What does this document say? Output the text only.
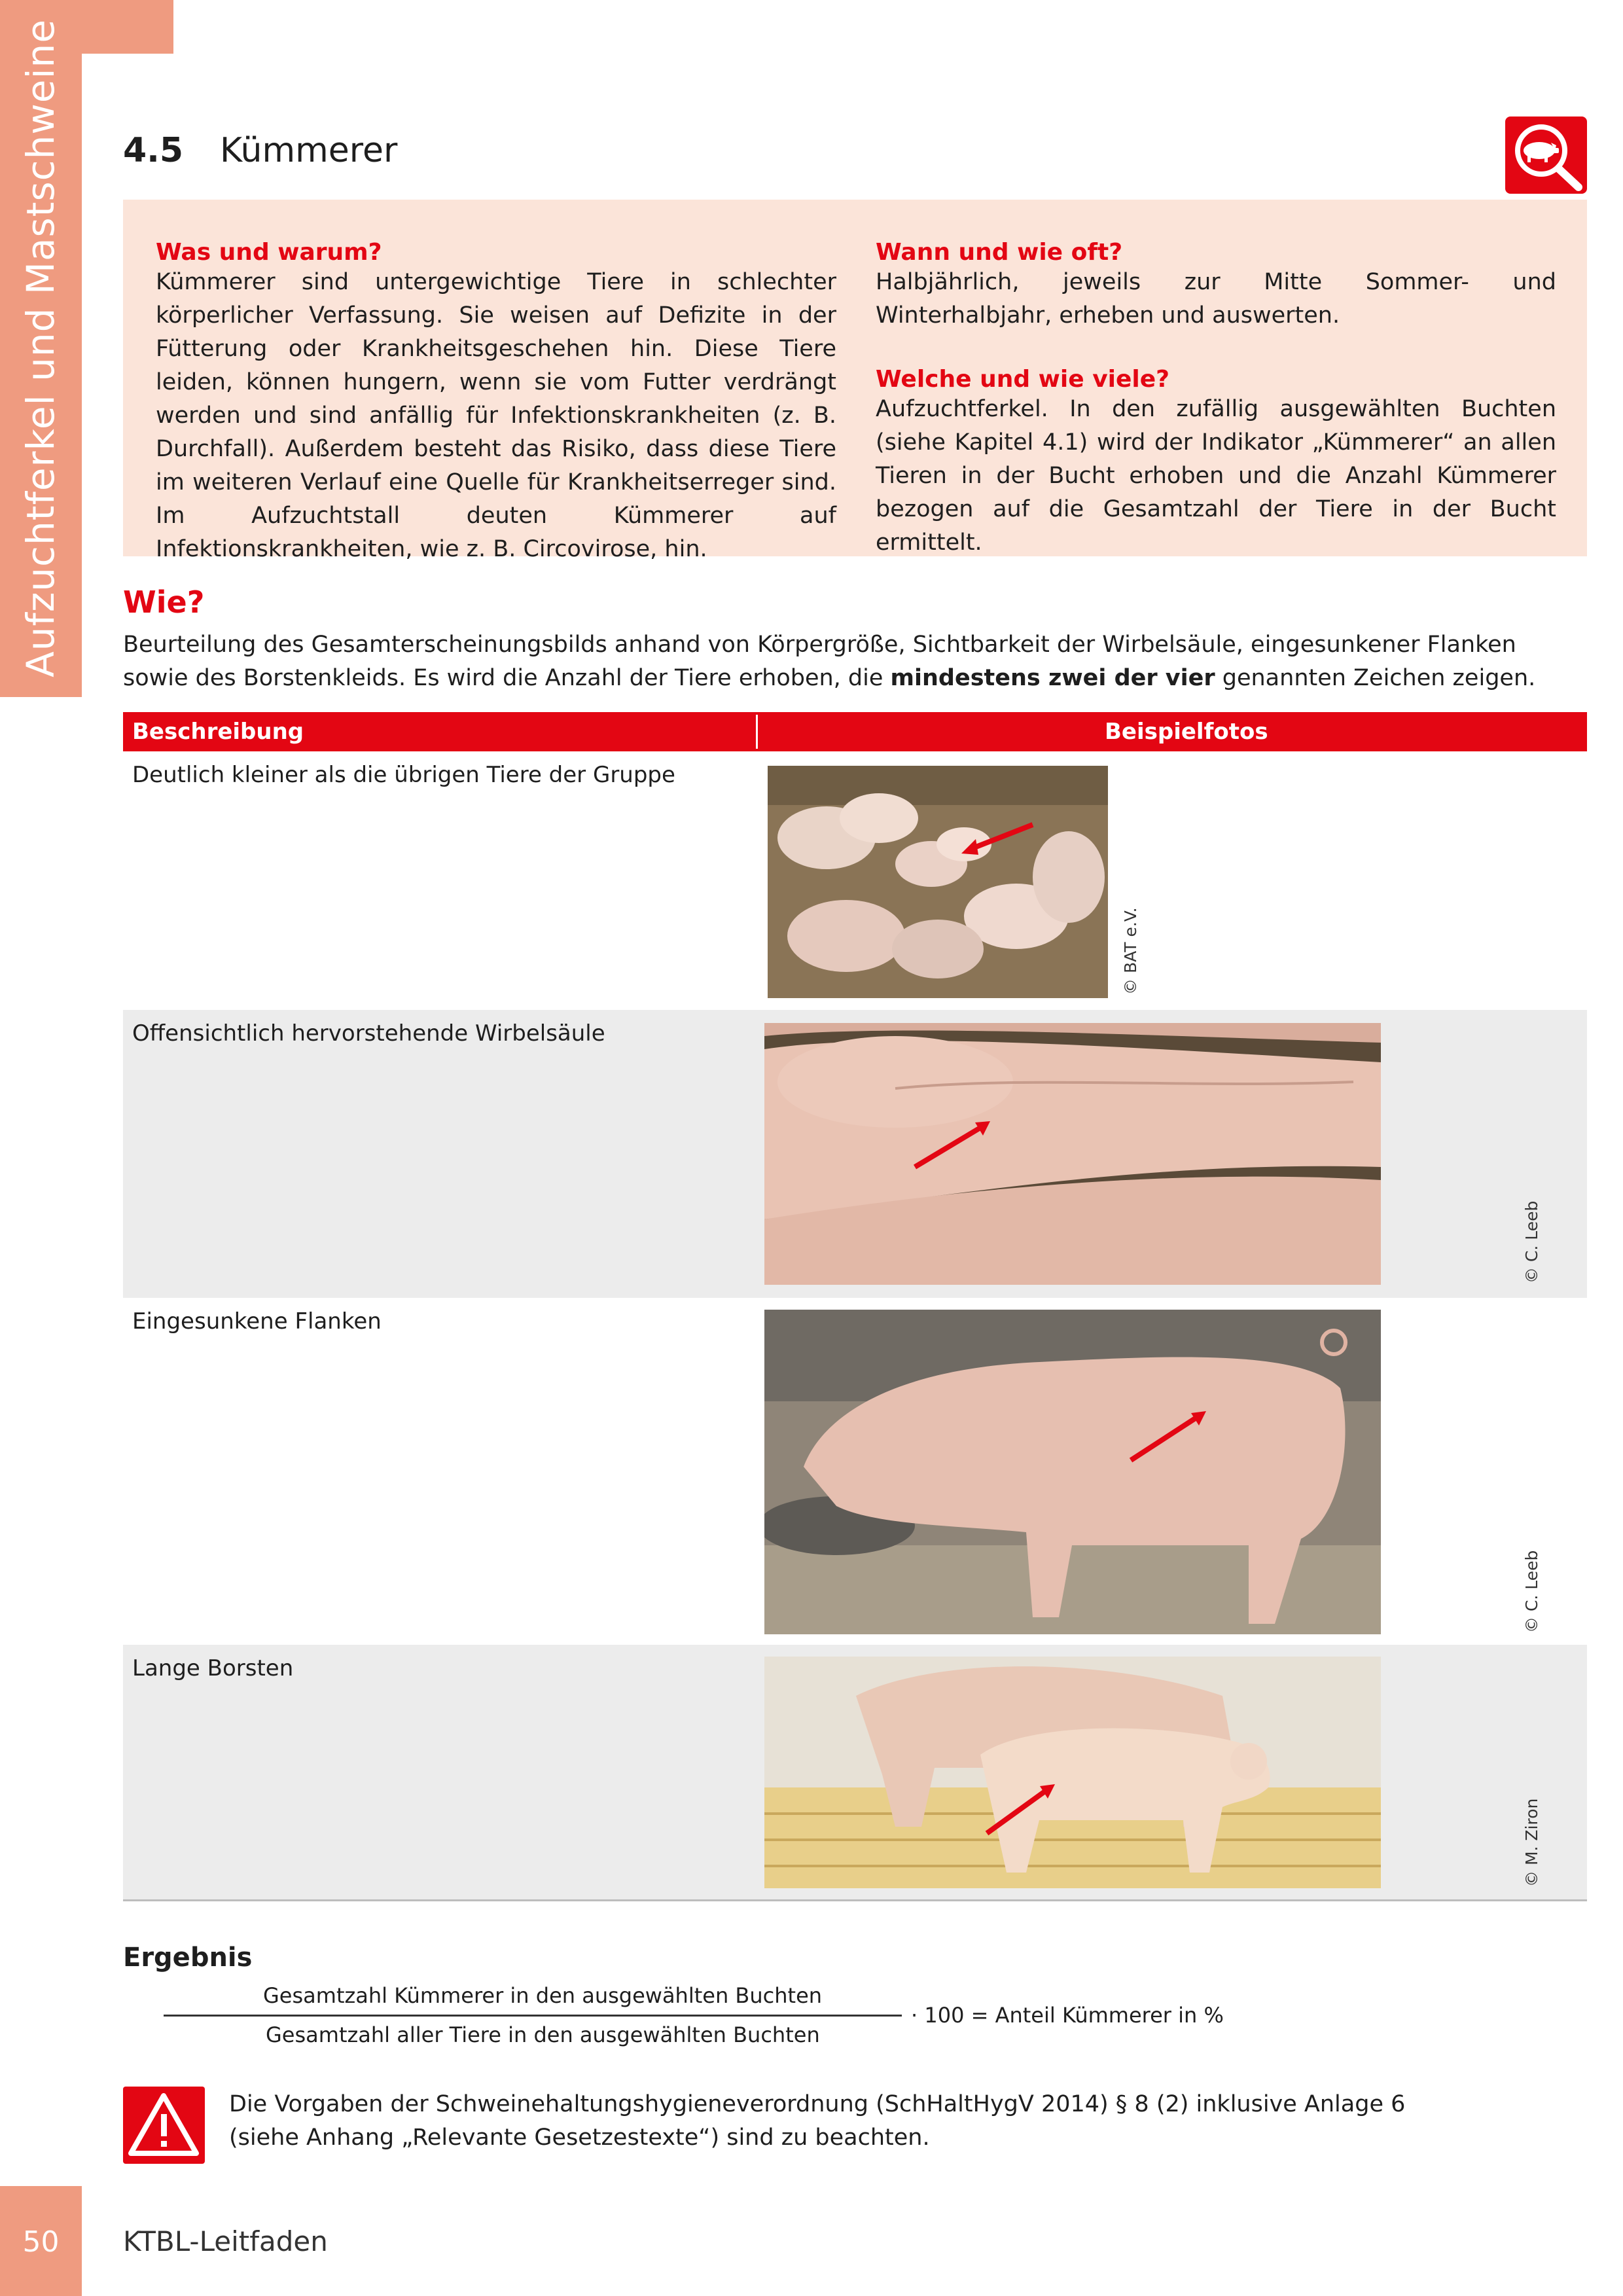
Aufzuchtferkel und Mastschweine 4.5 Kümmerer
Was und warum?
Kümmerer sind untergewichtige Tiere in schlechter körperlicher Verfassung. Sie weisen auf Defizite in der Fütterung oder Krankheitsgeschehen hin. Diese Tiere leiden, können hungern, wenn sie vom Futter verdrängt werden und sind anfällig für Infektionskrankheiten (z. B. Durchfall). Außerdem besteht das Risiko, dass diese Tiere im weiteren Verlauf eine Quelle für Krankheitserreger sind. Im Aufzuchtstall deuten Kümmerer auf Infektionskrankheiten, wie z. B. Circovirose, hin.
Wann und wie oft?
Halbjährlich, jeweils zur Mitte Sommer- und Winterhalbjahr, erheben und auswerten.
Welche und wie viele?
Aufzuchtferkel. In den zufällig ausgewählten Buchten (siehe Kapitel 4.1) wird der Indikator „Kümmerer“ an allen Tieren in der Bucht erhoben und die Anzahl Kümmerer bezogen auf die Gesamtzahl der Tiere in der Bucht ermittelt.
Wie?
Beurteilung des Gesamterscheinungsbilds anhand von Körpergröße, Sichtbarkeit der Wirbelsäule, eingesunkener Flanken sowie des Borstenkleids. Es wird die Anzahl der Tiere erhoben, die mindestens zwei der vier genannten Zeichen zeigen.
Beschreibung	Beispielfotos
Deutlich kleiner als die übrigen Tiere der Gruppe
© BAT e.V.
Offensichtlich hervorstehende Wirbelsäule
© C. Leeb
Eingesunkene Flanken
© C. Leeb
Lange Borsten
© M. Ziron
Ergebnis
Gesamtzahl Kümmerer in den ausgewählten Buchten
Gesamtzahl aller Tiere in den ausgewählten Buchten
· 100 = Anteil Kümmerer in %
Die Vorgaben der Schweinehaltungshygieneverordnung (SchHaltHygV 2014) § 8 (2) inklusive Anlage 6 (siehe Anhang „Relevante Gesetzestexte“) sind zu beachten.
50	KTBL-Leitfaden
